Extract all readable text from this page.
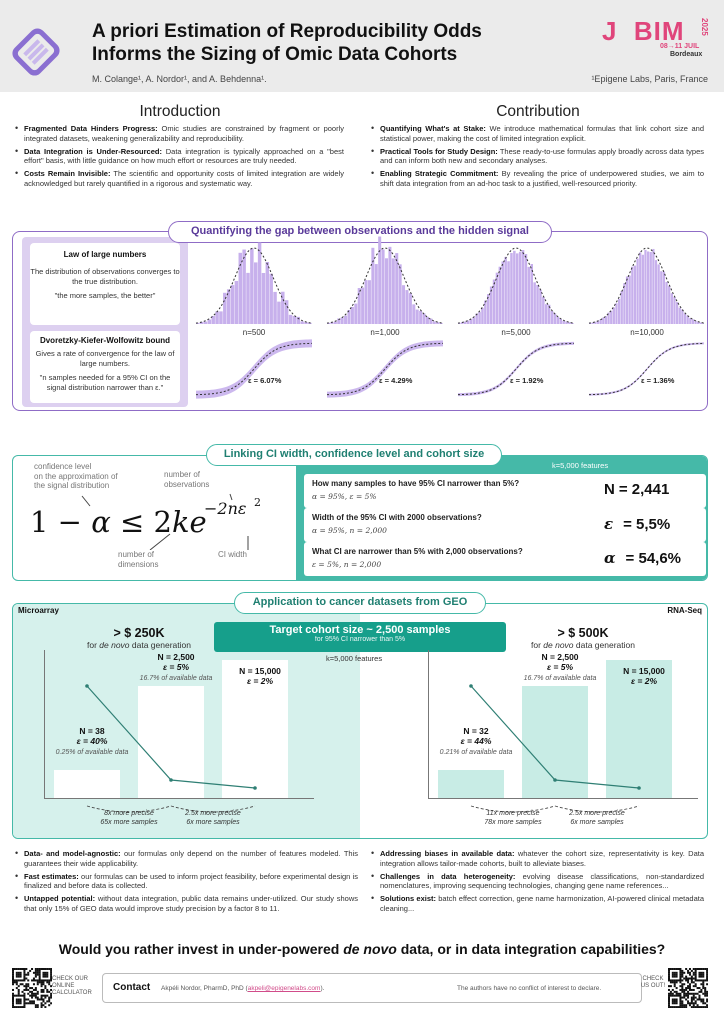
A priori Estimation of Reproducibility Odds
Informs the Sizing of Omic Data Cohorts
M. Colange¹, A. Nordor¹, and A. Behdenna¹.	¹Epigene Labs, Paris, France
J  BIM 2025
08→11 JUIL
Bordeaux
Introduction
• Fragmented Data Hinders Progress: Omic studies are constrained by fragment or poorly integrated datasets, weakening generalizability and reproducibility.
• Data Integration is Under-Resourced: Data integration is typically approached on a "best effort" basis, with little guidance on how much effort or resources are truly needed.
• Costs Remain Invisible: The scientific and opportunity costs of limited integration are widely acknowledged but rarely quantified in a rigorous and systematic way.
Contribution
• Quantifying What's at Stake: We introduce mathematical formulas that link cohort size and statistical power, making the cost of limited integration explicit.
• Practical Tools for Study Design: These ready-to-use formulas apply broadly across data types and can inform both new and secondary analyses.
• Enabling Strategic Commitment: By revealing the price of underpowered studies, we aim to shift data integration from an ad-hoc task to a justified, well-resourced priority.
Quantifying the gap between observations and the hidden signal
Law of large numbers

The distribution of observations converges to the true distribution.

"the more samples, the better"

Dvoretzky-Kiefer-Wolfowitz bound

Gives a rate of convergence for the law of large numbers.

"n samples needed for a 95% CI on the signal distribution narrower than ε."

n=500
ε = 6.07%
n=1,000
ε = 4.29%
n=5,000
ε = 1.92%
n=10,000
ε = 1.36%
Linking CI width, confidence level and cohort size
confidence level
on the approximation of
the signal distribution
number of
observations
number of
dimensions
CI width
1 − α ≤ 2ke
−2nε 2
k=5,000 features
How many samples to have 95% CI narrower than 5%?
α = 95%, ε = 5%	N = 2,441
Width of the 95% CI with 2000 observations?
α = 95%, n = 2,000	ε = 5,5%
What CI are narrower than 5% with 2,000 observations?
ε = 5%, n = 2,000	α = 54,6%
Application to cancer datasets from GEO
Microarray	RNA-Seq
Target cohort size ~ 2,500 samples
for 95% CI narrower than 5%
k=5,000 features
> $ 250K
for de novo data generation
> $ 500K
for de novo data generation
N = 38
ε = 40%
0.25% of available data
N = 2,500
ε = 5%
16.7% of available data
N = 15,000
ε = 2%
8x more precise
65x more samples
2.5x more precise
6x more samples
N = 32
ε = 44%
0.21% of available data
N = 2,500
ε = 5%
16.7% of available data
N = 15,000
ε = 2%
11x more precise
78x more samples
2.5x more precise
6x more samples
• Data- and model-agnostic: our formulas only depend on the number of features modeled. This guarantees their wide applicability.
• Fast estimates: our formulas can be used to inform project feasibility, before experimental design is finalized and before data is collected.
• Untapped potential: without data integration, public data remains under-utilized. Our study shows that only 15% of GEO data would improve study precision by a factor 8 to 11.
• Addressing biases in available data: whatever the cohort size, representativity is key. Data integration allows tailor-made cohorts, built to alleviate biases.
• Challenges in data heterogeneity: evolving disease classifications, non-standardized nomenclatures, improving sequencing technologies, changing gene name references...
• Solutions exist: batch effect correction, gene name harmonization, AI-powered clinical metadata cleaning...
Would you rather invest in under-powered de novo data, or in data integration capabilities?
CHECK OUR ONLINE CALCULATOR	Contact Akpéli Nordor, PharmD, PhD (akpeli@epigenelabs.com).	The authors have no conflict of interest to declare.
CHECK US OUT!
